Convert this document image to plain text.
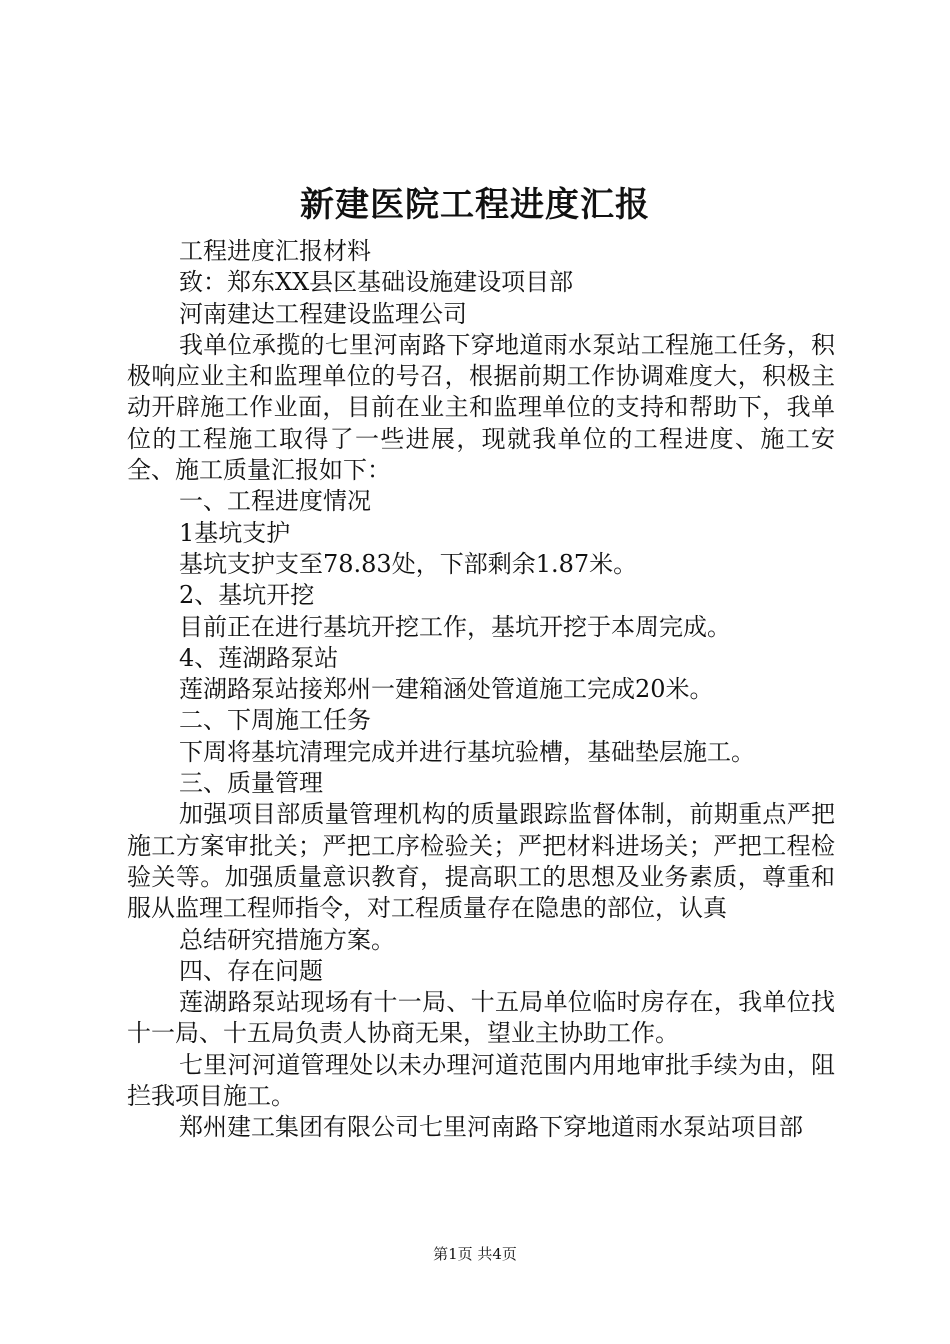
新建医院工程进度汇报

工程进度汇报材料

致：郑东XX县区基础设施建设项目部

河南建达工程建设监理公司

我单位承揽的七里河南路下穿地道雨水泵站工程施工任务，积极响应业主和监理单位的号召，根据前期工作协调难度大，积极主动开辟施工作业面，目前在业主和监理单位的支持和帮助下，我单位的工程施工取得了一些进展，现就我单位的工程进度、施工安全、施工质量汇报如下：

一、工程进度情况

1基坑支护

基坑支护支至78.83处，下部剩余1.87米。

2、基坑开挖

目前正在进行基坑开挖工作，基坑开挖于本周完成。

4、莲湖路泵站

莲湖路泵站接郑州一建箱涵处管道施工完成20米。

二、下周施工任务

下周将基坑清理完成并进行基坑验槽，基础垫层施工。

三、质量管理

加强项目部质量管理机构的质量跟踪监督体制，前期重点严把施工方案审批关；严把工序检验关；严把材料进场关；严把工程检验关等。加强质量意识教育，提高职工的思想及业务素质，尊重和服从监理工程师指令，对工程质量存在隐患的部位，认真

总结研究措施方案。

四、存在问题

莲湖路泵站现场有十一局、十五局单位临时房存在，我单位找十一局、十五局负责人协商无果，望业主协助工作。

七里河河道管理处以未办理河道范围内用地审批手续为由，阻拦我项目施工。

郑州建工集团有限公司七里河南路下穿地道雨水泵站项目部

第1页 共4页
